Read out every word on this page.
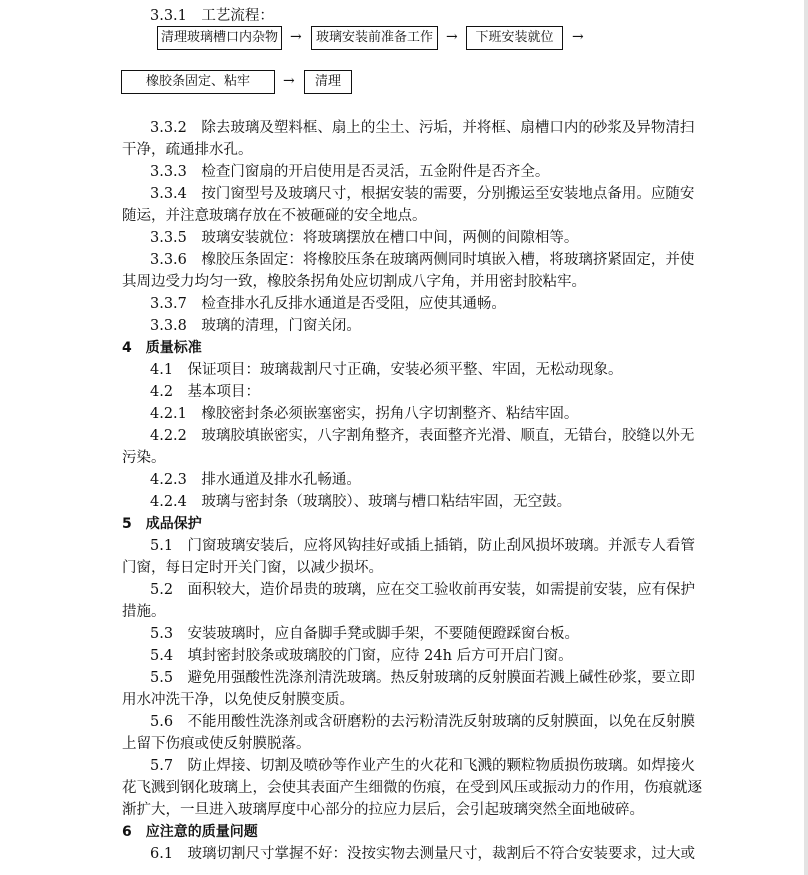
3.3.1　 工艺流程：
清理玻璃槽口内杂物 →	玻璃安装前准备工作 →	下班安装就位	→
橡胶条固定、粘牢	→	清理
3.3.2　除去玻璃及塑料框、扇上的尘土、污垢，并将框、扇槽口内的砂浆及异物清扫
干净，疏通排水孔。
3.3.3　检查门窗扇的开启使用是否灵活，五金附件是否齐全。
3.3.4　按门窗型号及玻璃尺寸，根据安装的需要，分别搬运至安装地点备用。应随安
随运，并注意玻璃存放在不被砸碰的安全地点。
3.3.5　玻璃安装就位：将玻璃摆放在槽口中间，两侧的间隙相等。
3.3.6　橡胶压条固定：将橡胶压条在玻璃两侧同时填嵌入槽，将玻璃挤紧固定，并使
其周边受力均匀一致，橡胶条拐角处应切割成八字角，并用密封胶粘牢。
3.3.7　检查排水孔反排水通道是否受阻，应使其通畅。
3.3.8　玻璃的清理，门窗关闭。
4　质量标准
4.1　保证项目：玻璃裁割尺寸正确，安装必须平整、牢固，无松动现象。
4.2　基本项目：
4.2.1　橡胶密封条必须嵌塞密实，拐角八字切割整齐、粘结牢固。
4.2.2　玻璃胶填嵌密实，八字割角整齐，表面整齐光滑、顺直，无错台，胶缝以外无
污染。
4.2.3　排水通道及排水孔畅通。
4.2.4　玻璃与密封条（玻璃胶）、玻璃与槽口粘结牢固，无空鼓。
5　成品保护
5.1　门窗玻璃安装后，应将风钩挂好或插上插销，防止刮风损坏玻璃。并派专人看管
门窗，每日定时开关门窗，以减少损坏。
5.2　面积较大，造价昂贵的玻璃，应在交工验收前再安装，如需提前安装，应有保护
措施。
5.3　安装玻璃时，应自备脚手凳或脚手架，不要随便蹬踩窗台板。
5.4　填封密封胶条或玻璃胶的门窗，应待 24h 后方可开启门窗。
5.5　避免用强酸性洗涤剂清洗玻璃。热反射玻璃的反射膜面若溅上碱性砂浆，要立即
用水冲洗干净，以免使反射膜变质。
5.6　不能用酸性洗涤剂或含研磨粉的去污粉清洗反射玻璃的反射膜面，以免在反射膜
上留下伤痕或使反射膜脱落。
5.7　防止焊接、切割及喷砂等作业产生的火花和飞溅的颗粒物质损伤玻璃。如焊接火
花飞溅到钢化玻璃上，会使其表面产生细微的伤痕，在受到风压或振动力的作用，伤痕就逐
渐扩大，一旦进入玻璃厚度中心部分的拉应力层后，会引起玻璃突然全面地破碎。
6　应注意的质量问题
6.1　玻璃切割尺寸掌握不好：没按实物去测量尺寸，裁割后不符合安装要求，过大或
